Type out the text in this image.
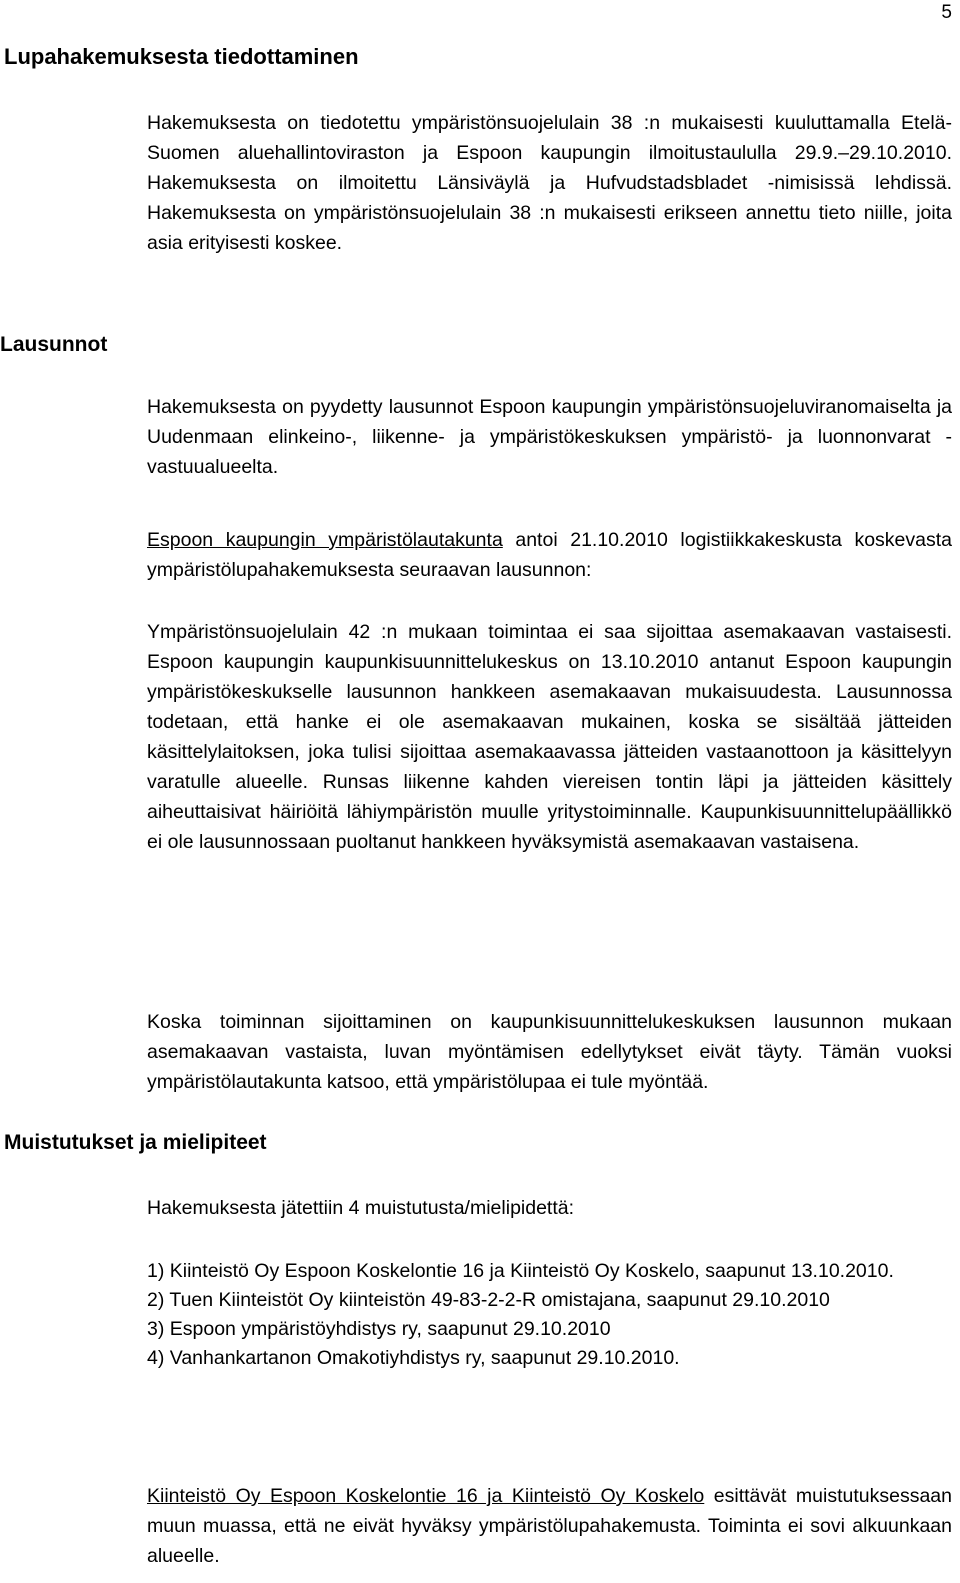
5
Lupahakemuksesta tiedottaminen

Hakemuksesta on tiedotettu ympäristönsuojelulain 38 :n mukaisesti kuuluttamalla Etelä-Suomen aluehallintoviraston ja Espoon kaupungin ilmoitustaululla 29.9.–29.10.2010. Hakemuksesta on ilmoitettu Länsiväylä ja Hufvudstadsbladet -nimisissä lehdissä. Hakemuksesta on ympäristönsuojelulain 38 :n mukaisesti erikseen annettu tieto niille, joita asia erityisesti koskee.

Lausunnot

Hakemuksesta on pyydetty lausunnot Espoon kaupungin ympäristönsuojeluviranomaiselta ja Uudenmaan elinkeino-, liikenne- ja ympäristökeskuksen ympäristö- ja luonnonvarat -vastuualueelta.

Espoon kaupungin ympäristölautakunta antoi 21.10.2010 logistiikkakeskusta koskevasta ympäristölupahakemuksesta seuraavan lausunnon:

Ympäristönsuojelulain 42 :n mukaan toimintaa ei saa sijoittaa asemakaavan vastaisesti. Espoon kaupungin kaupunkisuunnittelukeskus on 13.10.2010 antanut Espoon kaupungin ympäristökeskukselle lausunnon hankkeen asemakaavan mukaisuudesta. Lausunnossa todetaan, että hanke ei ole asemakaavan mukainen, koska se sisältää jätteiden käsittelylaitoksen, joka tulisi sijoittaa asemakaavassa jätteiden vastaanottoon ja käsittelyyn varatulle alueelle. Runsas liikenne kahden viereisen tontin läpi ja jätteiden käsittely aiheuttaisivat häiriöitä lähiympäristön muulle yritystoiminnalle. Kaupunkisuunnittelupäällikkö ei ole lausunnossaan puoltanut hankkeen hyväksymistä asemakaavan vastaisena.

Koska toiminnan sijoittaminen on kaupunkisuunnittelukeskuksen lausunnon mukaan asemakaavan vastaista, luvan myöntämisen edellytykset eivät täyty. Tämän vuoksi ympäristölautakunta katsoo, että ympäristölupaa ei tule myöntää.

Muistutukset ja mielipiteet

Hakemuksesta jätettiin 4 muistutusta/mielipidettä:

1) Kiinteistö Oy Espoon Koskelontie 16 ja Kiinteistö Oy Koskelo, saapunut 13.10.2010.
2) Tuen Kiinteistöt Oy kiinteistön 49-83-2-2-R omistajana, saapunut 29.10.2010
3) Espoon ympäristöyhdistys ry, saapunut 29.10.2010
4) Vanhankartanon Omakotiyhdistys ry, saapunut 29.10.2010.

Kiinteistö Oy Espoon Koskelontie 16 ja Kiinteistö Oy Koskelo esittävät muistutuksessaan muun muassa, että ne eivät hyväksy ympäristölupahakemusta. Toiminta ei sovi alkuunkaan alueelle.
